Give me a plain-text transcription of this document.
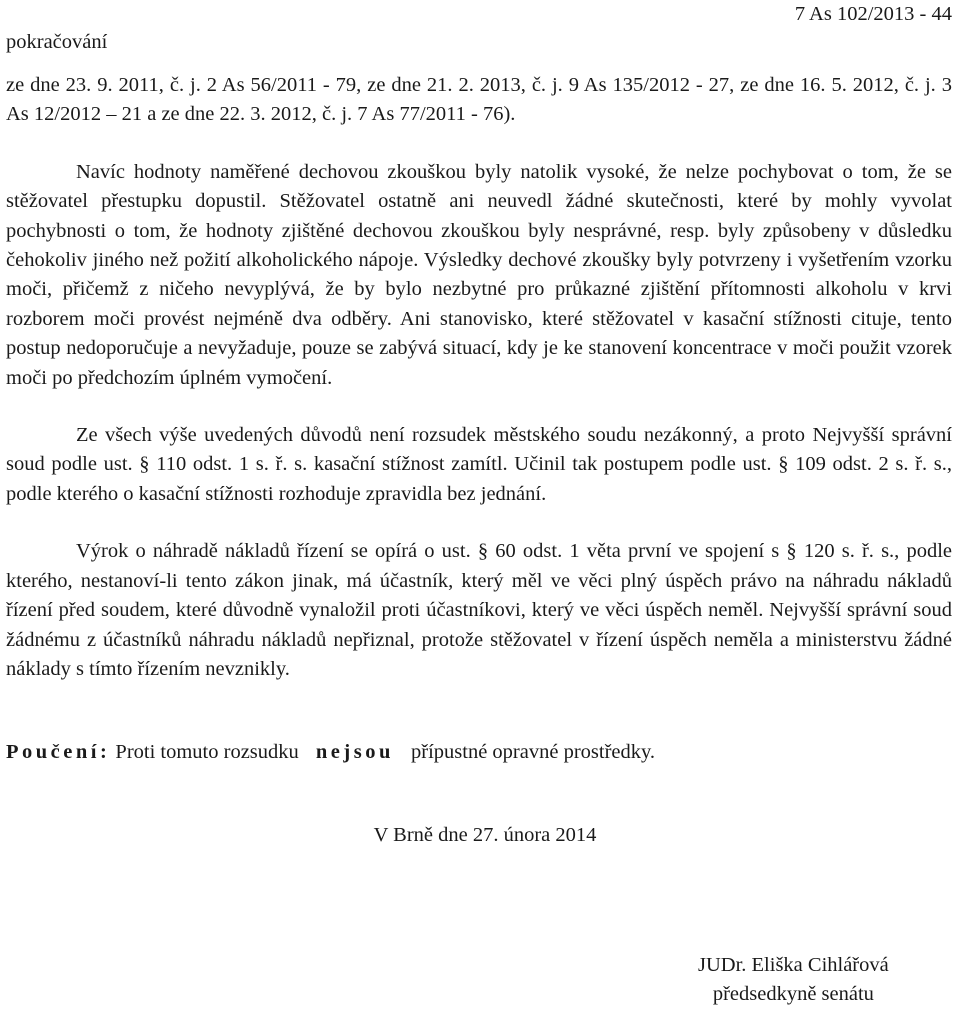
pokračování
7 As 102/2013 - 44

ze dne 23. 9. 2011, č. j. 2 As 56/2011 - 79, ze dne 21. 2. 2013, č. j. 9 As 135/2012 - 27, ze dne 16. 5. 2012, č. j. 3 As 12/2012 – 21 a ze dne 22. 3. 2012, č. j. 7 As 77/2011 - 76).

Navíc hodnoty naměřené dechovou zkouškou byly natolik vysoké, že nelze pochybovat o tom, že se stěžovatel přestupku dopustil. Stěžovatel ostatně ani neuvedl žádné skutečnosti, které by mohly vyvolat pochybnosti o tom, že hodnoty zjištěné dechovou zkouškou byly nesprávné, resp. byly způsobeny v důsledku čehokoliv jiného než požití alkoholického nápoje. Výsledky dechové zkoušky byly potvrzeny i vyšetřením vzorku moči, přičemž z ničeho nevyplývá, že by bylo nezbytné pro průkazné zjištění přítomnosti alkoholu v krvi rozborem moči provést nejméně dva odběry. Ani stanovisko, které stěžovatel v kasační stížnosti cituje, tento postup nedoporučuje a nevyžaduje, pouze se zabývá situací, kdy je ke stanovení koncentrace v moči použit vzorek moči po předchozím úplném vymočení.

Ze všech výše uvedených důvodů není rozsudek městského soudu nezákonný, a proto Nejvyšší správní soud podle ust. § 110 odst. 1 s. ř. s. kasační stížnost zamítl. Učinil tak postupem podle ust. § 109 odst. 2 s. ř. s., podle kterého o kasační stížnosti rozhoduje zpravidla bez jednání.

Výrok o náhradě nákladů řízení se opírá o ust. § 60 odst. 1 věta první ve spojení s § 120 s. ř. s., podle kterého, nestanoví-li tento zákon jinak, má účastník, který měl ve věci plný úspěch právo na náhradu nákladů řízení před soudem, které důvodně vynaložil proti účastníkovi, který ve věci úspěch neměl. Nejvyšší správní soud žádnému z účastníků náhradu nákladů nepřiznal, protože stěžovatel v řízení úspěch neměla a ministerstvu žádné náklady s tímto řízením nevznikly.

Poučení: Proti tomuto rozsudku nejsou přípustné opravné prostředky.

V Brně dne 27. února 2014

JUDr. Eliška Cihlářová
předsedkyně senátu
